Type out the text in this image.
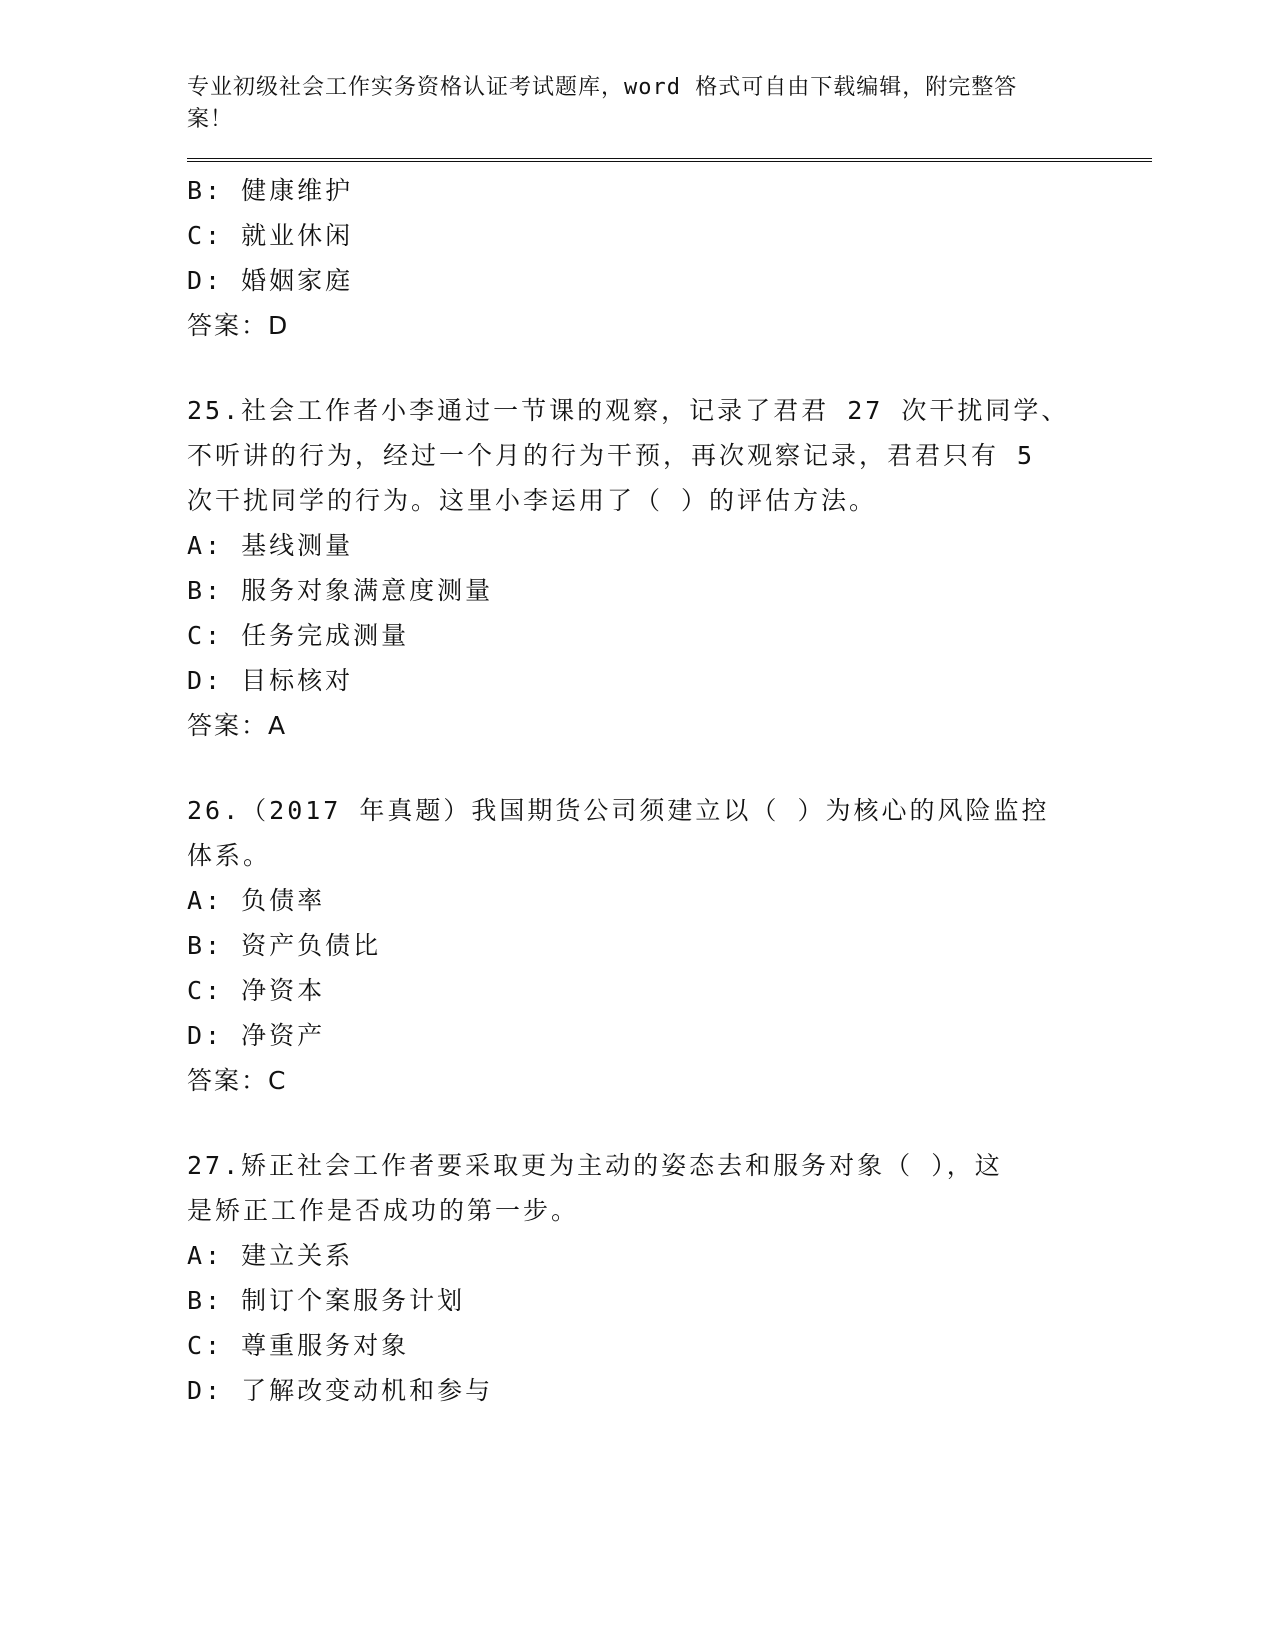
专业初级社会工作实务资格认证考试题库，word 格式可自由下载编辑，附完整答
案！
B: 健康维护
C: 就业休闲
D: 婚姻家庭
答案：D
25.社会工作者小李通过一节课的观察，记录了君君 27 次干扰同学、
不听讲的行为，经过一个月的行为干预，再次观察记录，君君只有 5
次干扰同学的行为。这里小李运用了（ ）的评估方法。
A: 基线测量
B: 服务对象满意度测量
C: 任务完成测量
D: 目标核对
答案：A
26.（2017 年真题）我国期货公司须建立以（ ）为核心的风险监控
体系。
A: 负债率
B: 资产负债比
C: 净资本
D: 净资产
答案：C
27.矫正社会工作者要采取更为主动的姿态去和服务对象（ ），这
是矫正工作是否成功的第一步。
A: 建立关系
B: 制订个案服务计划
C: 尊重服务对象
D: 了解改变动机和参与
